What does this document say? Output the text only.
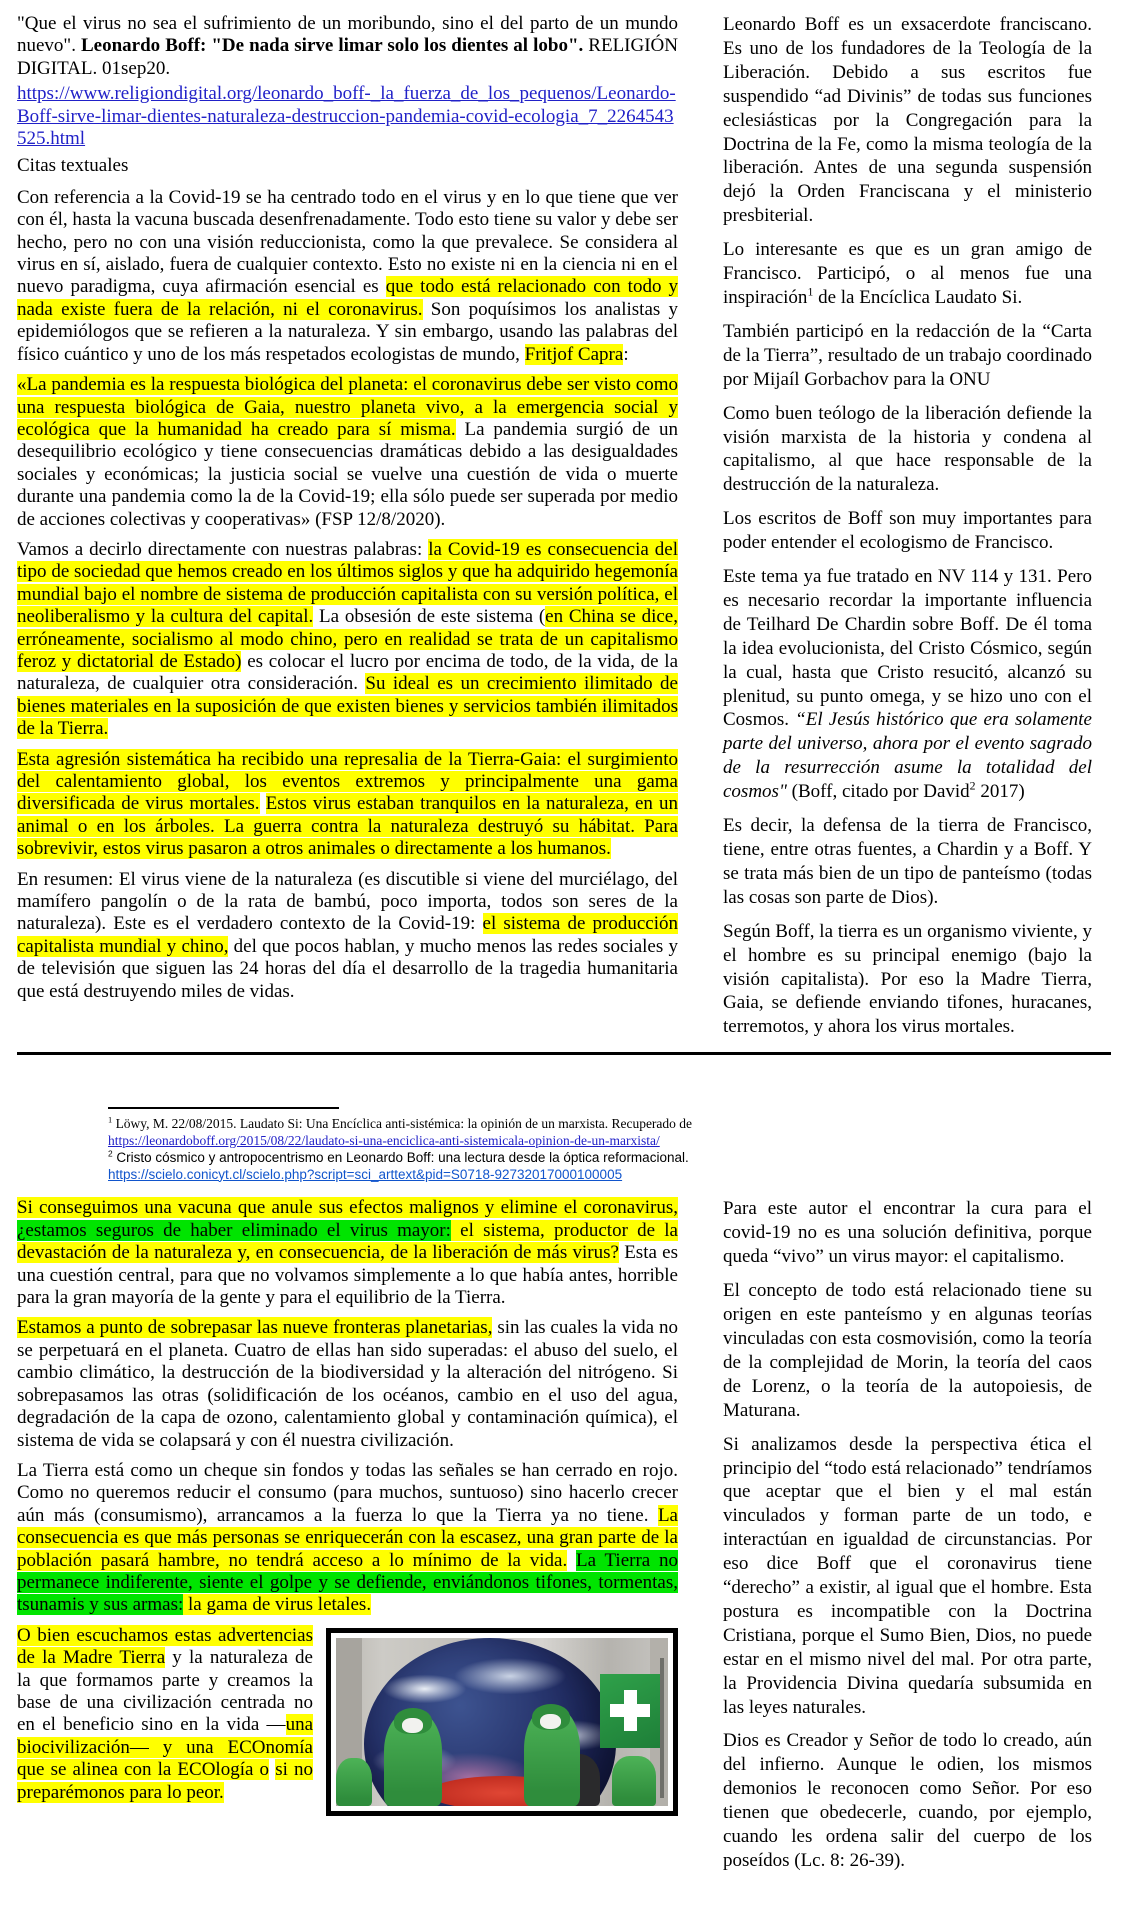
"Que el virus no sea el sufrimiento de un moribundo, sino el del parto de un mundo nuevo". Leonardo Boff: "De nada sirve limar solo los dientes al lobo". RELIGIÓN DIGITAL. 01sep20.

https://www.religiondigital.org/leonardo_boff-_la_fuerza_de_los_pequenos/Leonardo-Boff-sirve-limar-dientes-naturaleza-destruccion-pandemia-covid-ecologia_7_2264543525.html

Citas textuales

Con referencia a la Covid-19 se ha centrado todo en el virus y en lo que tiene que ver con él, hasta la vacuna buscada desenfrenadamente. Todo esto tiene su valor y debe ser hecho, pero no con una visión reduccionista, como la que prevalece. Se considera al virus en sí, aislado, fuera de cualquier contexto. Esto no existe ni en la ciencia ni en el nuevo paradigma, cuya afirmación esencial es que todo está relacionado con todo y nada existe fuera de la relación, ni el coronavirus. Son poquísimos los analistas y epidemiólogos que se refieren a la naturaleza. Y sin embargo, usando las palabras del físico cuántico y uno de los más respetados ecologistas de mundo, Fritjof Capra:

«La pandemia es la respuesta biológica del planeta: el coronavirus debe ser visto como una respuesta biológica de Gaia, nuestro planeta vivo, a la emergencia social y ecológica que la humanidad ha creado para sí misma. La pandemia surgió de un desequilibrio ecológico y tiene consecuencias dramáticas debido a las desigualdades sociales y económicas; la justicia social se vuelve una cuestión de vida o muerte durante una pandemia como la de la Covid-19; ella sólo puede ser superada por medio de acciones colectivas y cooperativas» (FSP 12/8/2020).

Vamos a decirlo directamente con nuestras palabras: la Covid-19 es consecuencia del tipo de sociedad que hemos creado en los últimos siglos y que ha adquirido hegemonía mundial bajo el nombre de sistema de producción capitalista con su versión política, el neoliberalismo y la cultura del capital. La obsesión de este sistema (en China se dice, erróneamente, socialismo al modo chino, pero en realidad se trata de un capitalismo feroz y dictatorial de Estado) es colocar el lucro por encima de todo, de la vida, de la naturaleza, de cualquier otra consideración. Su ideal es un crecimiento ilimitado de bienes materiales en la suposición de que existen bienes y servicios también ilimitados de la Tierra.

Esta agresión sistemática ha recibido una represalia de la Tierra-Gaia: el surgimiento del calentamiento global, los eventos extremos y principalmente una gama diversificada de virus mortales. Estos virus estaban tranquilos en la naturaleza, en un animal o en los árboles. La guerra contra la naturaleza destruyó su hábitat. Para sobrevivir, estos virus pasaron a otros animales o directamente a los humanos.

En resumen: El virus viene de la naturaleza (es discutible si viene del murciélago, del mamífero pangolín o de la rata de bambú, poco importa, todos son seres de la naturaleza). Este es el verdadero contexto de la Covid-19: el sistema de producción capitalista mundial y chino, del que pocos hablan, y mucho menos las redes sociales y de televisión que siguen las 24 horas del día el desarrollo de la tragedia humanitaria que está destruyendo miles de vidas.

Leonardo Boff es un exsacerdote franciscano. Es uno de los fundadores de la Teología de la Liberación. Debido a sus escritos fue suspendido “ad Divinis” de todas sus funciones eclesiásticas por la Congregación para la Doctrina de la Fe, como la misma teología de la liberación. Antes de una segunda suspensión dejó la Orden Franciscana y el ministerio presbiterial.

Lo interesante es que es un gran amigo de Francisco. Participó, o al menos fue una inspiración$^1$ de la Encíclica Laudato Si.

También participó en la redacción de la “Carta de la Tierra”, resultado de un trabajo coordinado por Mijaíl Gorbachov para la ONU

Como buen teólogo de la liberación defiende la visión marxista de la historia y condena al capitalismo, al que hace responsable de la destrucción de la naturaleza.

Los escritos de Boff son muy importantes para poder entender el ecologismo de Francisco.

Este tema ya fue tratado en NV 114 y 131. Pero es necesario recordar la importante influencia de Teilhard De Chardin sobre Boff. De él toma la idea evolucionista, del Cristo Cósmico, según la cual, hasta que Cristo resucitó, alcanzó su plenitud, su punto omega, y se hizo uno con el Cosmos. “El Jesús histórico que era solamente parte del universo, ahora por el evento sagrado de la resurrección asume la totalidad del cosmos" (Boff, citado por David$^2$ 2017)

Es decir, la defensa de la tierra de Francisco, tiene, entre otras fuentes, a Chardin y a Boff. Y se trata más bien de un tipo de panteísmo (todas las cosas son parte de Dios).

Según Boff, la tierra es un organismo viviente, y el hombre es su principal enemigo (bajo la visión capitalista). Por eso la Madre Tierra, Gaia, se defiende enviando tifones, huracanes, terremotos, y ahora los virus mortales.

$^1$ Löwy, M. 22/08/2015. Laudato Si: Una Encíclica anti-sistémica: la opinión de un marxista. Recuperado de https://leonardoboff.org/2015/08/22/laudato-si-una-enciclica-anti-sistemicala-opinion-de-un-marxista/

$^2$ Cristo cósmico y antropocentrismo en Leonardo Boff: una lectura desde la óptica reformacional. https://scielo.conicyt.cl/scielo.php?script=sci_arttext&pid=S0718-92732017000100005

Si conseguimos una vacuna que anule sus efectos malignos y elimine el coronavirus, ¿estamos seguros de haber eliminado el virus mayor: el sistema, productor de la devastación de la naturaleza y, en consecuencia, de la liberación de más virus? Esta es una cuestión central, para que no volvamos simplemente a lo que había antes, horrible para la gran mayoría de la gente y para el equilibrio de la Tierra.

Estamos a punto de sobrepasar las nueve fronteras planetarias, sin las cuales la vida no se perpetuará en el planeta. Cuatro de ellas han sido superadas: el abuso del suelo, el cambio climático, la destrucción de la biodiversidad y la alteración del nitrógeno. Si sobrepasamos las otras (solidificación de los océanos, cambio en el uso del agua, degradación de la capa de ozono, calentamiento global y contaminación química), el sistema de vida se colapsará y con él nuestra civilización.

La Tierra está como un cheque sin fondos y todas las señales se han cerrado en rojo. Como no queremos reducir el consumo (para muchos, suntuoso) sino hacerlo crecer aún más (consumismo), arrancamos a la fuerza lo que la Tierra ya no tiene. La consecuencia es que más personas se enriquecerán con la escasez, una gran parte de la población pasará hambre, no tendrá acceso a lo mínimo de la vida. La Tierra no permanece indiferente, siente el golpe y se defiende, enviándonos tifones, tormentas, tsunamis y sus armas: la gama de virus letales.

O bien escuchamos estas advertencias de la Madre Tierra y la naturaleza de la que formamos parte y creamos la base de una civilización centrada no en el beneficio sino en la vida —una biocivilización— y una ECOnomía que se alinea con la ECOlogía o si no preparémonos para lo peor.

Para este autor el encontrar la cura para el covid-19 no es una solución definitiva, porque queda “vivo” un virus mayor: el capitalismo.

El concepto de todo está relacionado tiene su origen en este panteísmo y en algunas teorías vinculadas con esta cosmovisión, como la teoría de la complejidad de Morin, la teoría del caos de Lorenz, o la teoría de la autopoiesis, de Maturana.

Si analizamos desde la perspectiva ética el principio del “todo está relacionado” tendríamos que aceptar que el bien y el mal están vinculados y forman parte de un todo, e interactúan en igualdad de circunstancias. Por eso dice Boff que el coronavirus tiene “derecho” a existir, al igual que el hombre. Esta postura es incompatible con la Doctrina Cristiana, porque el Sumo Bien, Dios, no puede estar en el mismo nivel del mal. Por otra parte, la Providencia Divina quedaría subsumida en las leyes naturales.

Dios es Creador y Señor de todo lo creado, aún del infierno. Aunque le odien, los mismos demonios le reconocen como Señor. Por eso tienen que obedecerle, cuando, por ejemplo, cuando les ordena salir del cuerpo de los poseídos (Lc. 8: 26-39).
